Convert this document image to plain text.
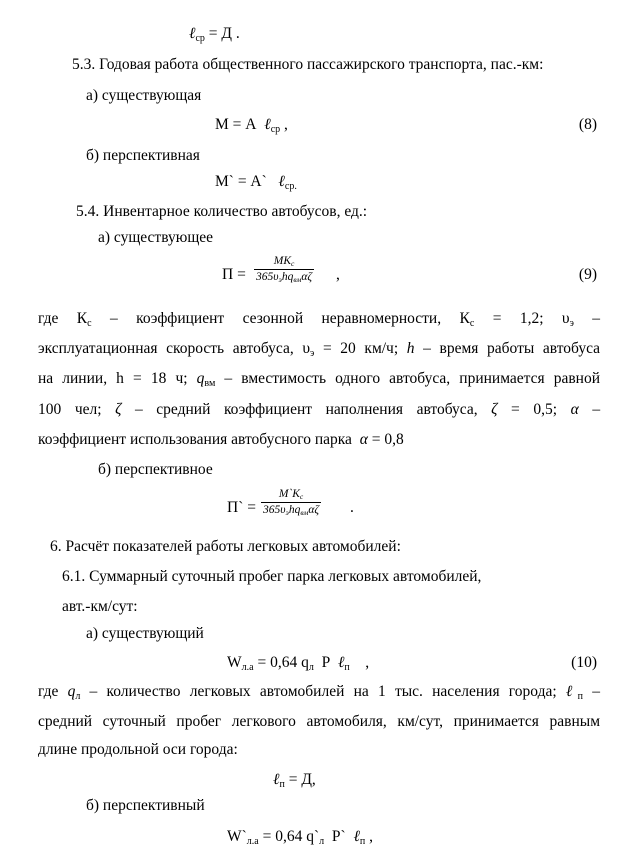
ℓср = Д .
5.3. Годовая работа общественного пассажирского транспорта, пас.-км:
а) существующая
М = А ℓср ,	(8)
б) перспективная
М` = А` ℓср.
5.4. Инвентарное количество автобусов, ед.:
а) существующее
П =
МКс
365υэhqвмαζ ,	(9)
где Кс – коэффициент сезонной неравномерности, Кс = 1,2; υэ –
эксплуатационная скорость автобуса, υэ = 20 км/ч; h – время работы автобуса
на линии, h = 18 ч; qвм – вместимость одного автобуса, принимается равной
100 чел; ζ – средний коэффициент наполнения автобуса, ζ = 0,5; α –
коэффициент использования автобусного парка α = 0,8
б) перспективное
П` =
М`Кс
365υэhqвмαζ .
6. Расчёт показателей работы легковых автомобилей:
6.1. Суммарный суточный пробег парка легковых автомобилей,
авт.-км/сут:
а) существующий
Wл.а = 0,64 qл Р ℓп    ,	(10)
где qл – количество легковых автомобилей на 1 тыс. населения города; ℓп –
средний суточный пробег легкового автомобиля, км/сут, принимается равным
длине продольной оси города:
ℓп = Д,
б) перспективный
W`л.а = 0,64 q`л Р` ℓп ,
